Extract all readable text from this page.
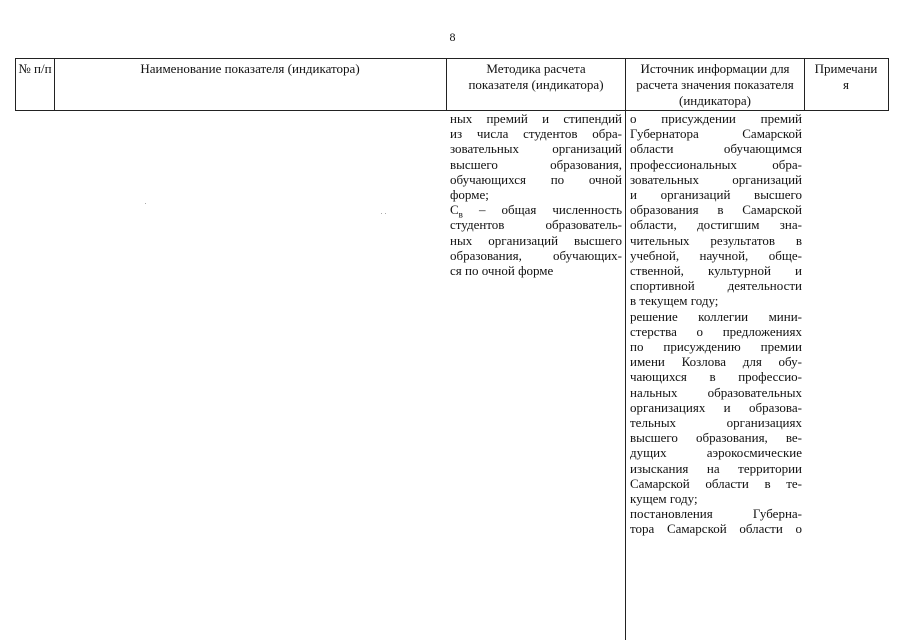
8
№ п/п	Наименование показателя (индикатора)	Методика расчета показателя (индикатора)
Источник информации для расчета значения показателя (индикатора)
Примечания
ных премий и стипендий
из числа студентов обра-
зовательных организаций
высшего образования,
обучающихся по очной
форме;
$С_в$ – общая численность
студентов образователь-
ных организаций высшего
образования, обучающих-
ся по очной форме
о присуждении премий
Губернатора Самарской
области обучающимся
профессиональных обра-
зовательных организаций
и организаций высшего
образования в Самарской
области, достигшим зна-
чительных результатов в
учебной, научной, обще-
ственной, культурной и
спортивной деятельности
в текущем году;
решение коллегии мини-
стерства о предложениях
по присуждению премии
имени Козлова для обу-
чающихся в профессио-
нальных образовательных
организациях и образова-
тельных организациях
высшего образования, ве-
дущих аэрокосмические
изыскания на территории
Самарской области в те-
кущем году;
постановления Губерна-
тора Самарской области о
